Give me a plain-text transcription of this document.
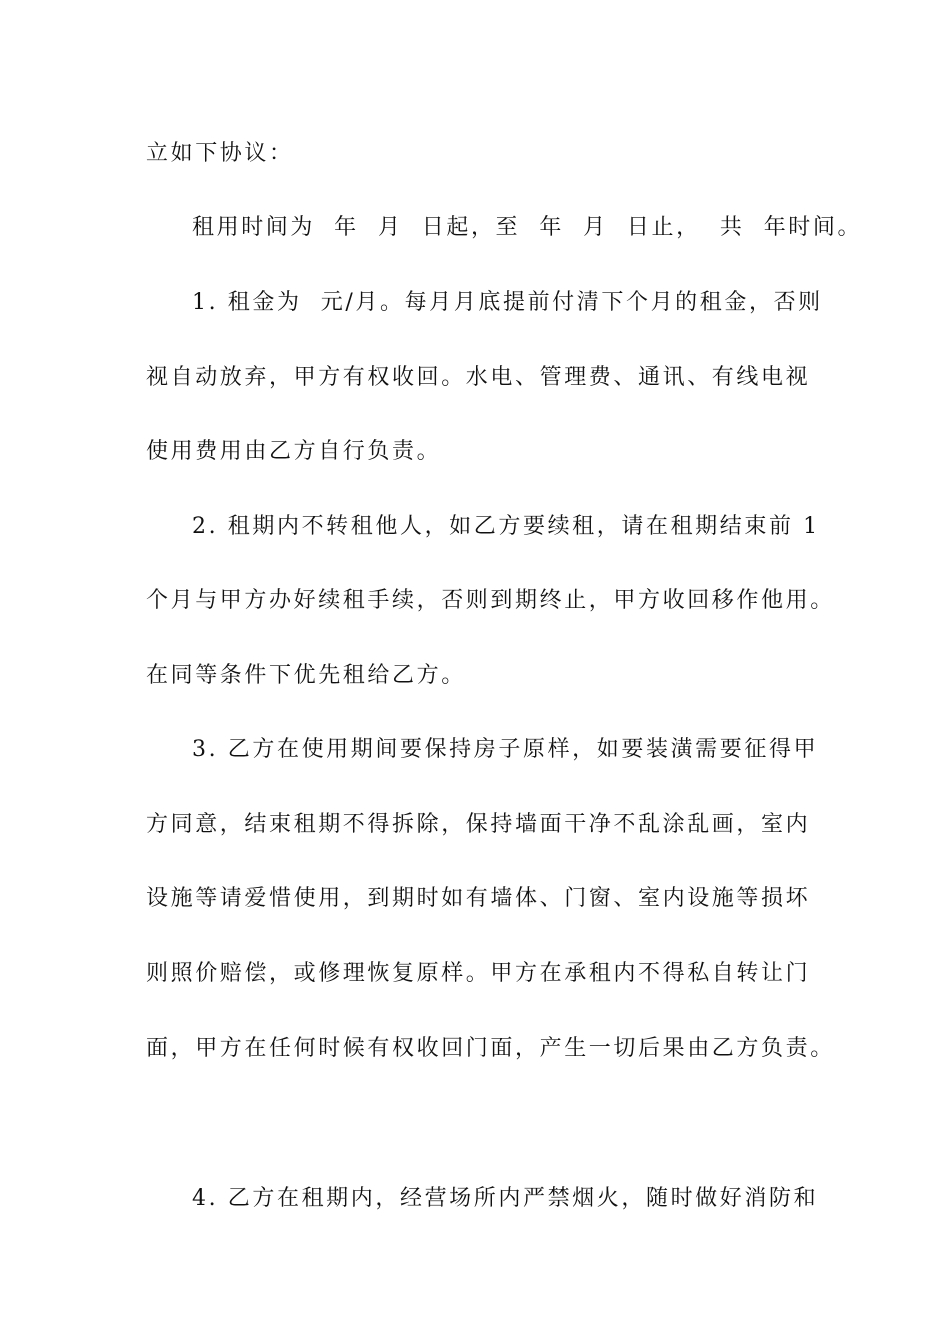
立如下协议：
租用时间为  年  月  日起，至  年  月  日止，  共  年时间。
1. 租金为  元/月。每月月底提前付清下个月的租金，否则
视自动放弃，甲方有权收回。水电、管理费、通讯、有线电视
使用费用由乙方自行负责。
2. 租期内不转租他人，如乙方要续租，请在租期结束前 1
个月与甲方办好续租手续，否则到期终止，甲方收回移作他用。
在同等条件下优先租给乙方。
3. 乙方在使用期间要保持房子原样，如要装潢需要征得甲
方同意，结束租期不得拆除，保持墙面干净不乱涂乱画，室内
设施等请爱惜使用，到期时如有墙体、门窗、室内设施等损坏
则照价赔偿，或修理恢复原样。甲方在承租内不得私自转让门
面，甲方在任何时候有权收回门面，产生一切后果由乙方负责。
4. 乙方在租期内，经营场所内严禁烟火，随时做好消防和
